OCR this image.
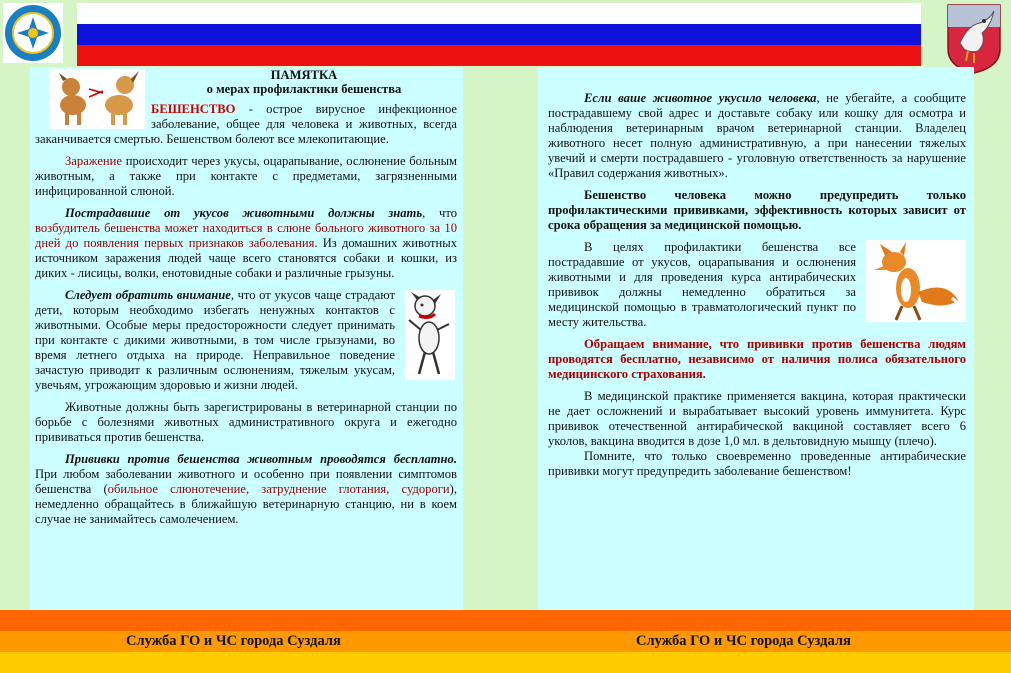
ПАМЯТКА

о мерах профилактики бешенства

БЕШЕНСТВО - острое вирусное инфекционное заболевание, общее для человека и животных, всегда заканчивается смертью. Бешенством болеют все млекопитающие.

Заражение происходит через укусы, оцарапывание, ослюнение больным животным, а также при контакте с предметами, загрязненными инфицированной слюной.

Пострадавшие от укусов животными должны знать, что возбудитель бешенства может находиться в слюне больного животного за 10 дней до появления первых признаков заболевания. Из домашних животных источником заражения людей чаще всего становятся собаки и кошки, из диких - лисицы, волки, енотовидные собаки и различные грызуны.

Следует обратить внимание, что от укусов чаще страдают дети, которым необходимо избегать ненужных контактов с животными. Особые меры предосторожности следует принимать при контакте с дикими животными, в том числе грызунами, во время летнего отдыха на природе. Неправильное поведение зачастую приводит к различным ослюнениям, тяжелым укусам, увечьям, угрожающим здоровью и жизни людей.

Животные должны быть зарегистрированы в ветеринарной станции по борьбе с болезнями животных административного округа и ежегодно прививаться против бешенства.

Прививки против бешенства животным проводятся бесплатно. При любом заболевании животного и особенно при появлении симптомов бешенства (обильное слюнотечение, затруднение глотания, судороги), немедленно обращайтесь в ближайшую ветеринарную станцию, ни в коем случае не занимайтесь самолечением.

Если ваше животное укусило человека, не убегайте, а сообщите пострадавшему свой адрес и доставьте собаку или кошку для осмотра и наблюдения ветеринарным врачом ветеринарной станции. Владелец животного несет полную административную, а при нанесении тяжелых увечий и смерти пострадавшего - уголовную ответственность за нарушение «Правил содержания животных».

Бешенство человека можно предупредить только профилактическими прививками, эффективность которых зависит от срока обращения за медицинской помощью.

В целях профилактики бешенства все пострадавшие от укусов, оцарапывания и ослюнения животными и для проведения курса антирабических прививок должны немедленно обратиться за медицинской помощью в травматологический пункт по месту жительства.

Обращаем внимание, что прививки против бешенства людям проводятся бесплатно, независимо от наличия полиса обязательного медицинского страхования.

В медицинской практике применяется вакцина, которая практически не дает осложнений и вырабатывает высокий уровень иммунитета. Курс прививок отечественной антирабической вакциной составляет всего 6 уколов, вакцина вводится в дозе 1,0 мл. в дельтовидную мышцу (плечо).

Помните, что только своевременно проведенные антирабические прививки могут предупредить заболевание бешенством!

Служба ГО и ЧС города Суздаля	Служба ГО и ЧС города Суздаля
